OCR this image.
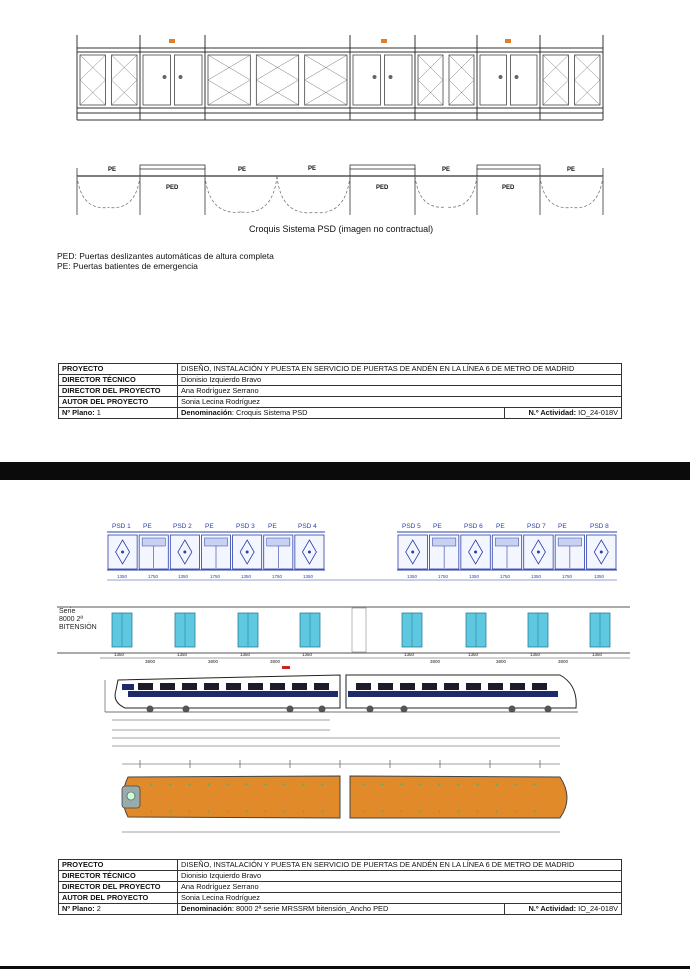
PE
PED
PE	PE
PED
PE
PED
PE
Croquis Sistema PSD (imagen no contractual)
PED: Puertas deslizantes automáticas de altura completa
PE: Puertas batientes de emergencia
PROYECTO	DISEÑO, INSTALACIÓN Y PUESTA EN SERVICIO DE PUERTAS DE ANDÉN EN LA LÍNEA 6 DE METRO DE MADRID	
DIRECTOR TÉCNICO	Dionisio Izquierdo Bravo	
DIRECTOR DEL PROYECTO	Ana Rodríguez Serrano	
AUTOR DEL PROYECTO	Sonia Lecina Rodríguez	
Nº Plano: 1	Denominación: Croquis Sistema PSD	N.º Actividad: IO_24-018V
PSD 1 PE	PSD 2 PE	PSD 3 PE	PSD 4	PSD 5 PE	PSD 6 PE	PSD 7 PE	PSD 8
1350	1750	1350	1750	1350	1750	1350	1350	1750	1350	1750	1350	1750	1350
1350	1350	1350	1350	1350	1350	1350	1350
3800	3800	3800	3800	3800	3800
+
+
+
+
+
+
+
+
+
+
+
+
+
+
+
+
+
+
+
+
+
+
+
+
+
+
+
+
+
+
+
+
+
+
+
+
+
+
+
+
Serie
8000 2ª
BITENSIÓN
PROYECTO	DISEÑO, INSTALACIÓN Y PUESTA EN SERVICIO DE PUERTAS DE ANDÉN EN LA LÍNEA 6 DE METRO DE MADRID	
DIRECTOR TÉCNICO	Dionisio Izquierdo Bravo	
DIRECTOR DEL PROYECTO	Ana Rodríguez Serrano	
AUTOR DEL PROYECTO	Sonia Lecina Rodríguez	
Nº Plano: 2	Denominación: 8000 2ª serie MRSSRM bitensión_Ancho PED	N.º Actividad: IO_24-018V
